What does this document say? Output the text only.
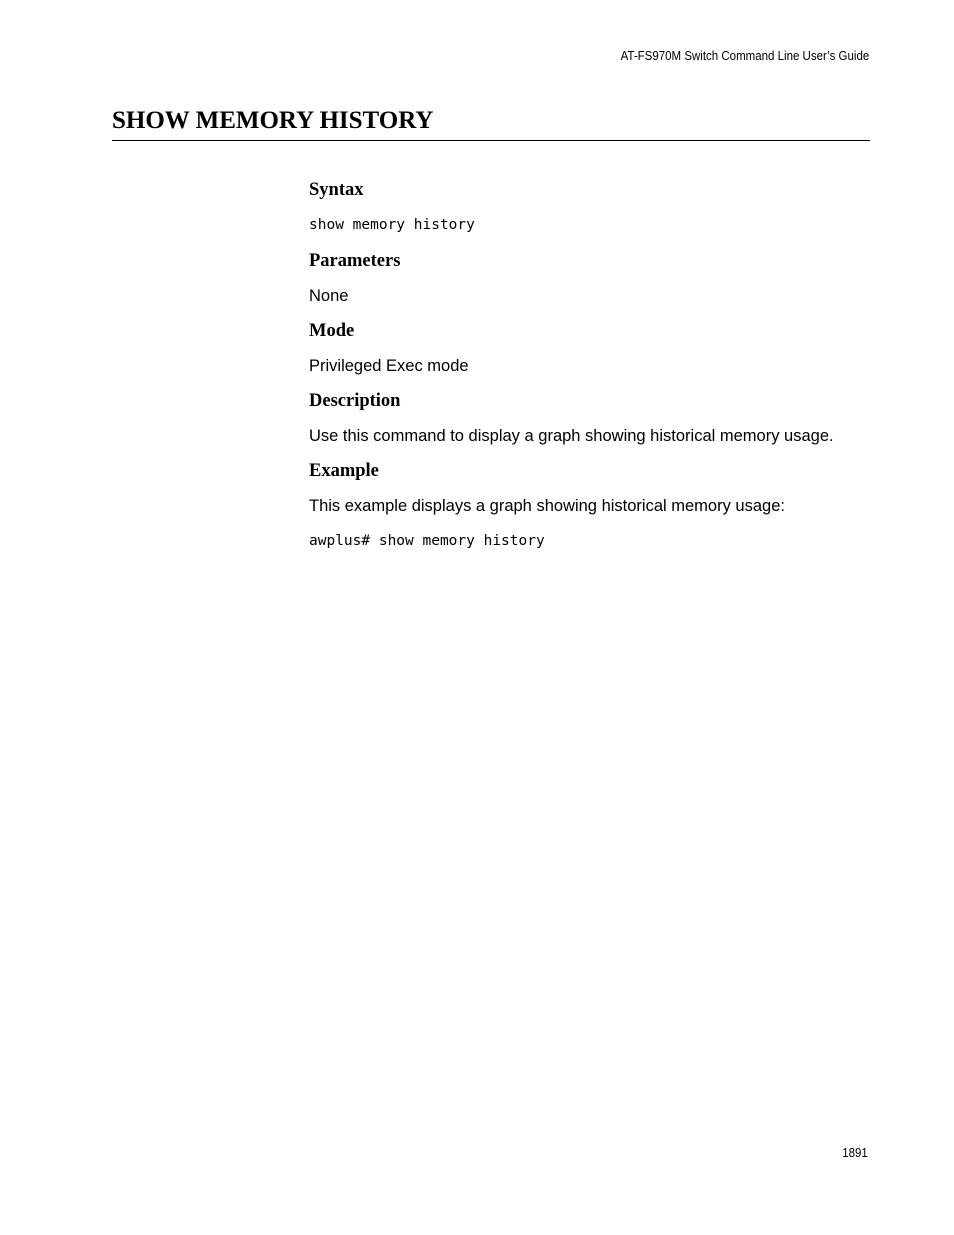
AT-FS970M Switch Command Line User’s Guide
SHOW MEMORY HISTORY
Syntax
show memory history
Parameters

None

Mode

Privileged Exec mode

Description

Use this command to display a graph showing historical memory usage.

Example

This example displays a graph showing historical memory usage:

awplus# show memory history
1891
